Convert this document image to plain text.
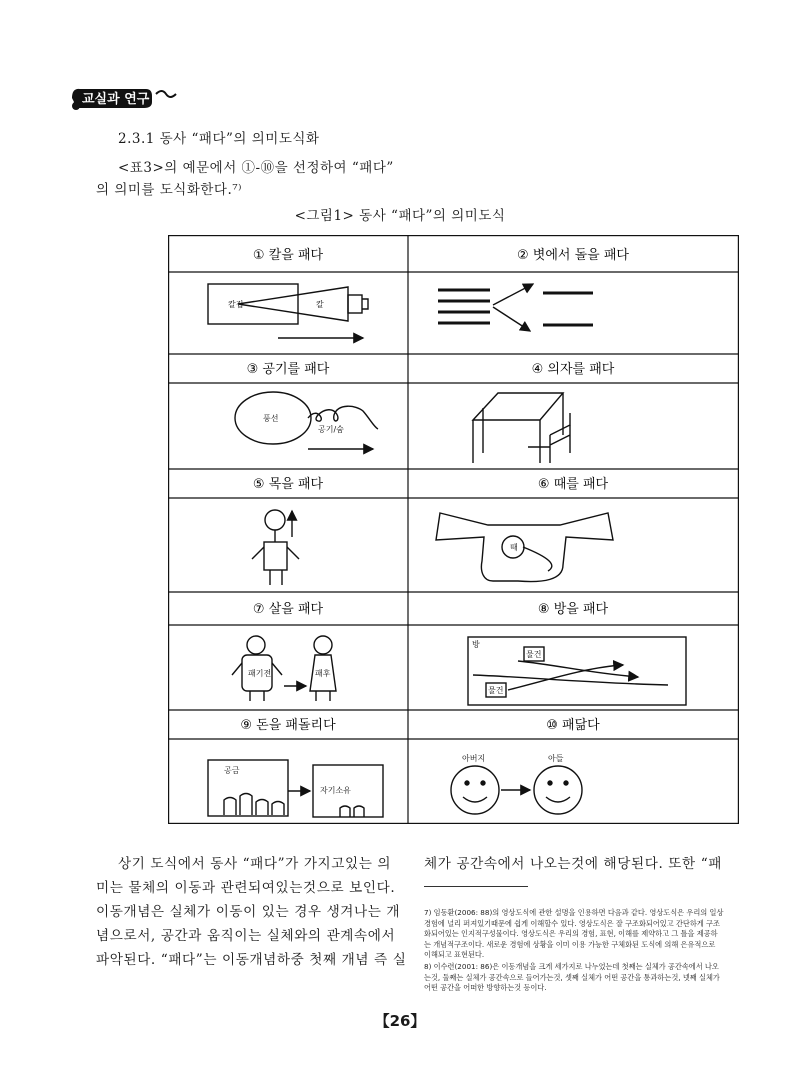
교실과 연구
2.3.1 동사 “패다”의 의미도식화
<표3>의 예문에서 ①-⑩을 선정하여 “패다”
의 의미를 도식화한다.⁷⁾
<그림1> 동사 “패다”의 의미도식
① 칼을 패다	② 볏에서 돌을 패다
③ 공기를 패다	④ 의자를 패다
⑤ 목을 패다	⑥ 때를 패다
⑦ 살을 패다	⑧ 방을 패다
⑨ 돈을 패돌리다	⑩ 패닮다
칼집	칼
풍선
공기/숨
때
패기전	패후
방
물건
물건
공금
자기소유
아버지	아들
상기 도식에서 동사 “패다”가 가지고있는 의
미는 물체의 이동과 관련되여있는것으로 보인다.
이동개념은 실체가 이동이 있는 경우 생겨나는 개
념으로서, 공간과 움직이는 실체와의 관계속에서
파악된다. “패다”는 이동개념하중 첫째 개념 즉 실
체가 공간속에서 나오는것에 해당된다. 또한 “패
7) 임동환(2006: 88)의 영상도식에 관한 설명을 인용하면 다음과 같다. 영상도식은 우리의 일상 경험에 널리 퍼져있기때문에 쉽게 이해할수 있다. 영상도식은 잘 구조화되어있고 간단하게 구조화되어있는 인지적구성물이다. 영상도식은 우리의 경험, 표현, 이해를 제약하고 그 틀을 제공하는 개념적구조이다. 새로운 경험에 상황을 이미 이용 가능한 구체화된 도식에 의해 은유적으로 이해되고 표현된다.
8) 이수련(2001: 86)은 이동개념을 크게 세가지로 나누었는데 첫째는 실체가 공간속에서 나오는것, 둘째는 실체가 공간속으로 들어가는것, 셋째 실체가 어떤 공간을 통과하는것, 넷째 실체가 어떤 공간을 어떠한 방향하는것 등이다.
【26】
